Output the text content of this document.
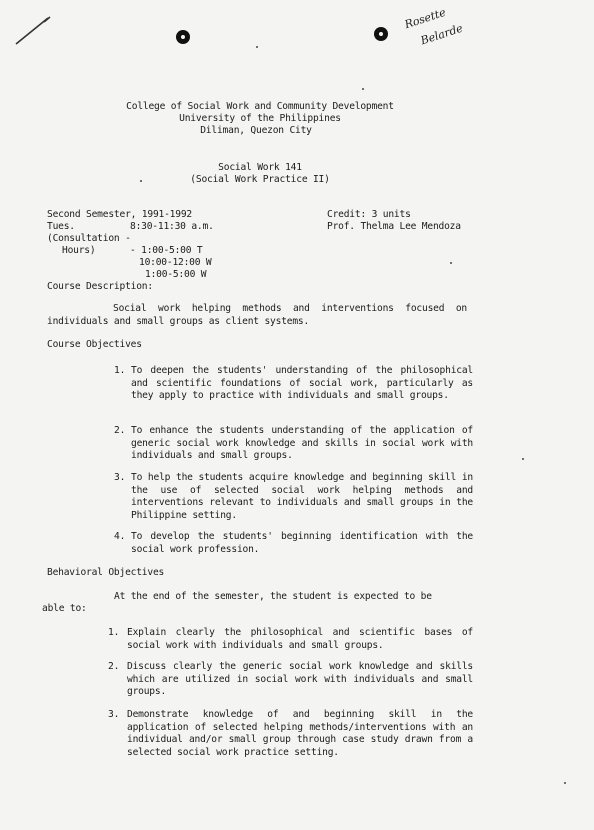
Rosette
Belarde
College of Social Work and Community Development
University of the Philippines
Diliman, Quezon City
Social Work 141
(Social Work Practice II)
Second Semester, 1991-1992
Tues.	8:30-11:30 a.m.
(Consultation -
Hours)	- 1:00-5:00 T
10:00-12:00 W
1:00-5:00 W
Credit: 3 units
Prof. Thelma Lee Mendoza
Course Description:
Social work helping methods and interventions focused on individuals and small groups as client systems.
Course Objectives
1. To deepen the students' understanding of the philosophical and scientific foundations of social work, particularly as they apply to practice with individuals and small groups.
2. To enhance the students understanding of the application of generic social work knowledge and skills in social work with individuals and small groups.
3. To help the students acquire knowledge and beginning skill in the use of selected social work helping methods and interventions relevant to individuals and small groups in the Philippine setting.
4. To develop the students' beginning identification with the social work profession.
Behavioral Objectives
At the end of the semester, the student is expected to be
able to:
1. Explain clearly the philosophical and scientific bases of social work with individuals and small groups.
2. Discuss clearly the generic social work knowledge and skills which are utilized in social work with individuals and small groups.
3. Demonstrate knowledge of and beginning skill in the application of selected helping methods/interventions with an individual and/or small group through case study drawn from a selected social work practice setting.
